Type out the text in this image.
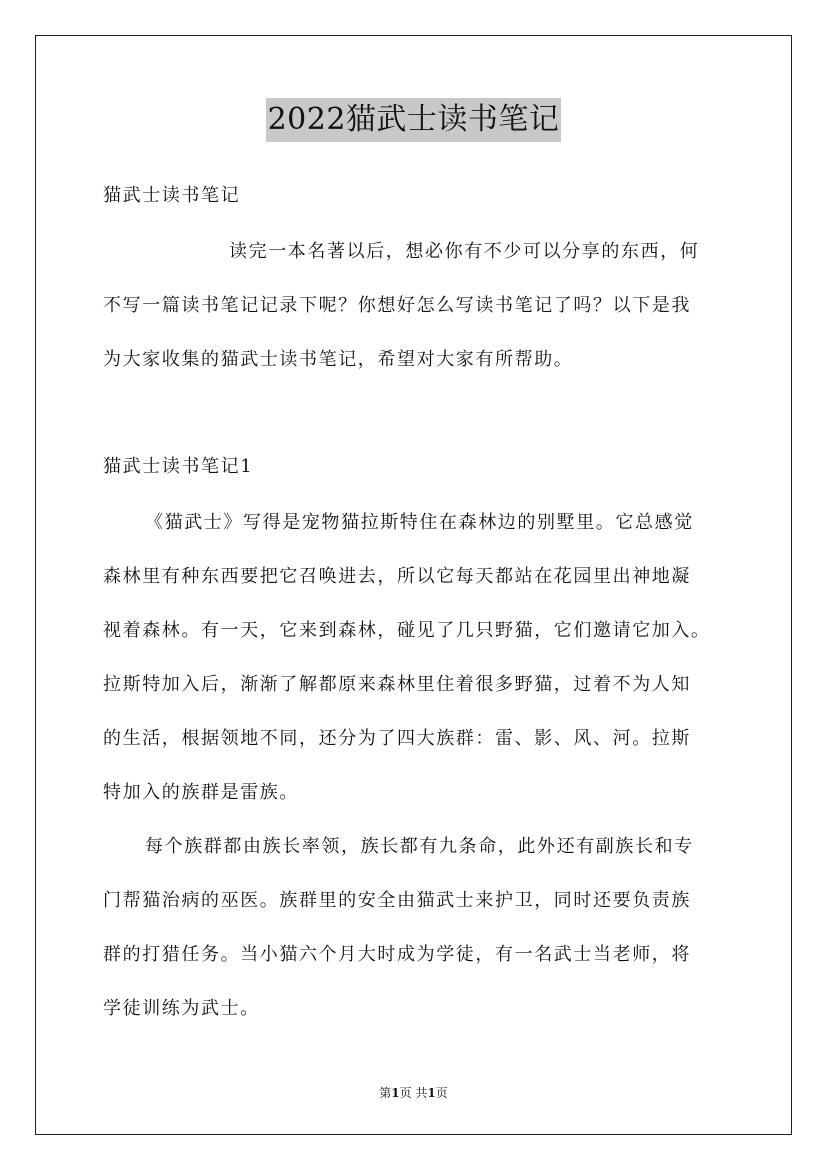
2022猫武士读书笔记
猫武士读书笔记
读完一本名著以后，想必你有不少可以分享的东西，何
不写一篇读书笔记记录下呢？你想好怎么写读书笔记了吗？以下是我
为大家收集的猫武士读书笔记，希望对大家有所帮助。
猫武士读书笔记1
《猫武士》写得是宠物猫拉斯特住在森林边的别墅里。它总感觉
森林里有种东西要把它召唤进去，所以它每天都站在花园里出神地凝
视着森林。有一天，它来到森林，碰见了几只野猫，它们邀请它加入。
拉斯特加入后，渐渐了解都原来森林里住着很多野猫，过着不为人知
的生活，根据领地不同，还分为了四大族群：雷、影、风、河。拉斯
特加入的族群是雷族。
每个族群都由族长率领，族长都有九条命，此外还有副族长和专
门帮猫治病的巫医。族群里的安全由猫武士来护卫，同时还要负责族
群的打猎任务。当小猫六个月大时成为学徒，有一名武士当老师，将
学徒训练为武士。
第1页 共1页
